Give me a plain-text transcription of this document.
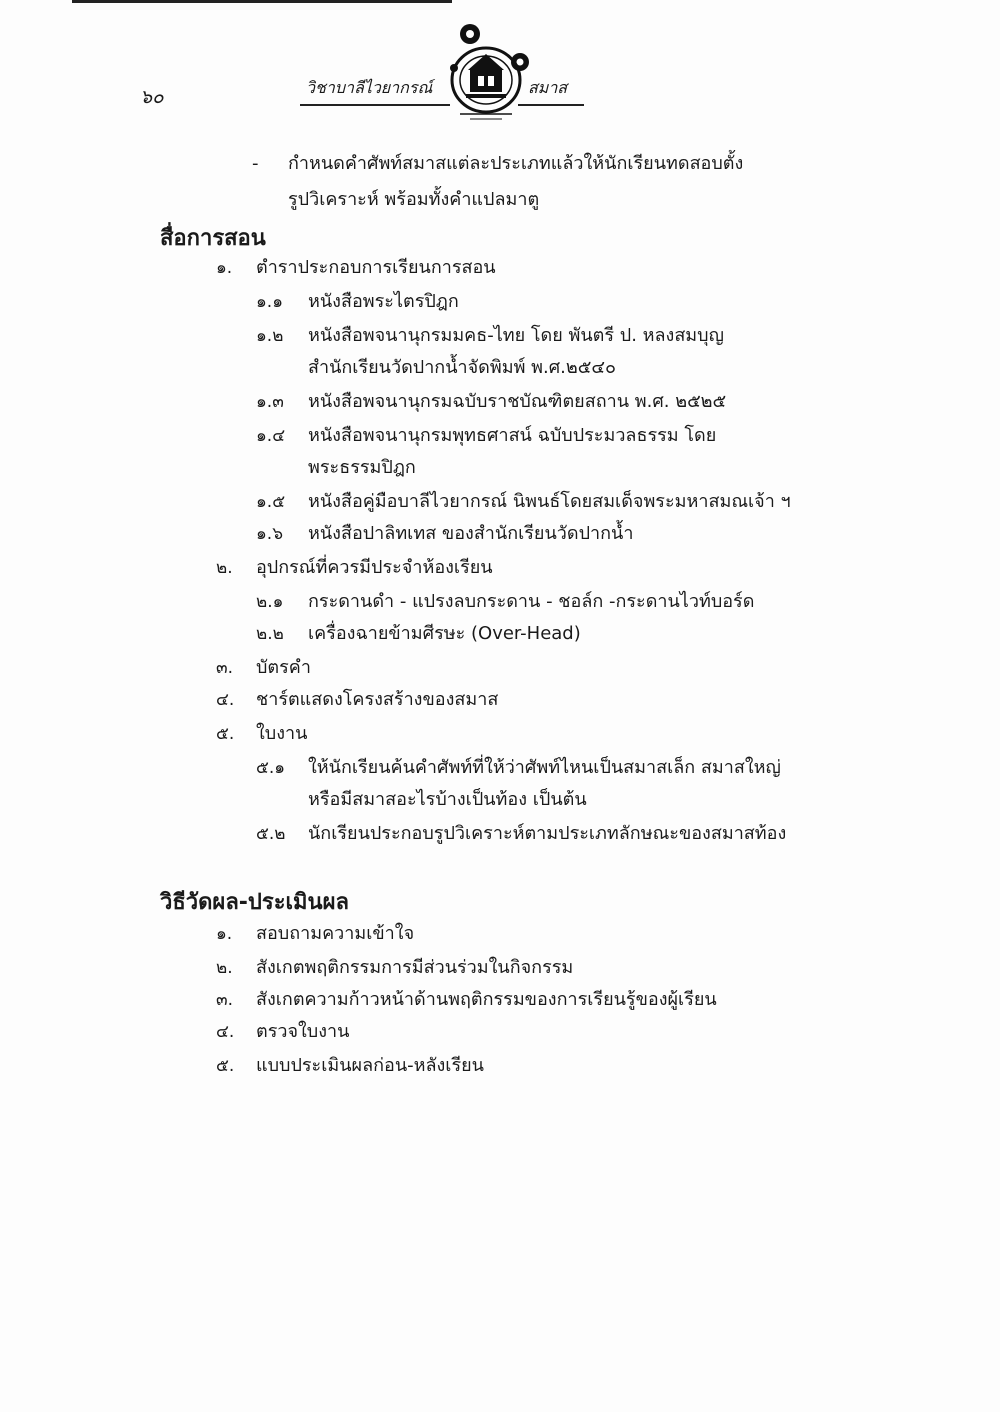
๖๐	วิชาบาลีไวยากรณ์	สมาส
- กำหนดคำศัพท์สมาสแต่ละประเภทแล้วให้นักเรียนทดสอบตั้ง
รูปวิเคราะห์ พร้อมทั้งคำแปลมาตู
สื่อการสอน
๑. ตำราประกอบการเรียนการสอน
๑.๑ หนังสือพระไตรปิฎก
๑.๒ หนังสือพจนานุกรมมคธ-ไทย โดย พันตรี ป. หลงสมบุญ
สำนักเรียนวัดปากน้ำจัดพิมพ์ พ.ศ.๒๕๔๐
๑.๓ หนังสือพจนานุกรมฉบับราชบัณฑิตยสถาน พ.ศ. ๒๕๒๕
๑.๔ หนังสือพจนานุกรมพุทธศาสน์ ฉบับประมวลธรรม โดย
พระธรรมปิฎก
๑.๕ หนังสือคู่มือบาลีไวยากรณ์ นิพนธ์โดยสมเด็จพระมหาสมณเจ้า ฯ
๑.๖ หนังสือปาลิทเทส ของสำนักเรียนวัดปากน้ำ
๒. อุปกรณ์ที่ควรมีประจำห้องเรียน
๒.๑ กระดานดำ - แปรงลบกระดาน - ชอล์ก -กระดานไวท์บอร์ด
๒.๒ เครื่องฉายข้ามศีรษะ (Over-Head)
๓. บัตรคำ
๔. ชาร์ตแสดงโครงสร้างของสมาส
๕. ใบงาน
๕.๑ ให้นักเรียนค้นคำศัพท์ที่ให้ว่าศัพท์ไหนเป็นสมาสเล็ก สมาสใหญ่
หรือมีสมาสอะไรบ้างเป็นท้อง เป็นต้น
๕.๒ นักเรียนประกอบรูปวิเคราะห์ตามประเภทลักษณะของสมาสท้อง
วิธีวัดผล-ประเมินผล
๑. สอบถามความเข้าใจ
๒. สังเกตพฤติกรรมการมีส่วนร่วมในกิจกรรม
๓. สังเกตความก้าวหน้าด้านพฤติกรรมของการเรียนรู้ของผู้เรียน
๔. ตรวจใบงาน
๕. แบบประเมินผลก่อน-หลังเรียน
